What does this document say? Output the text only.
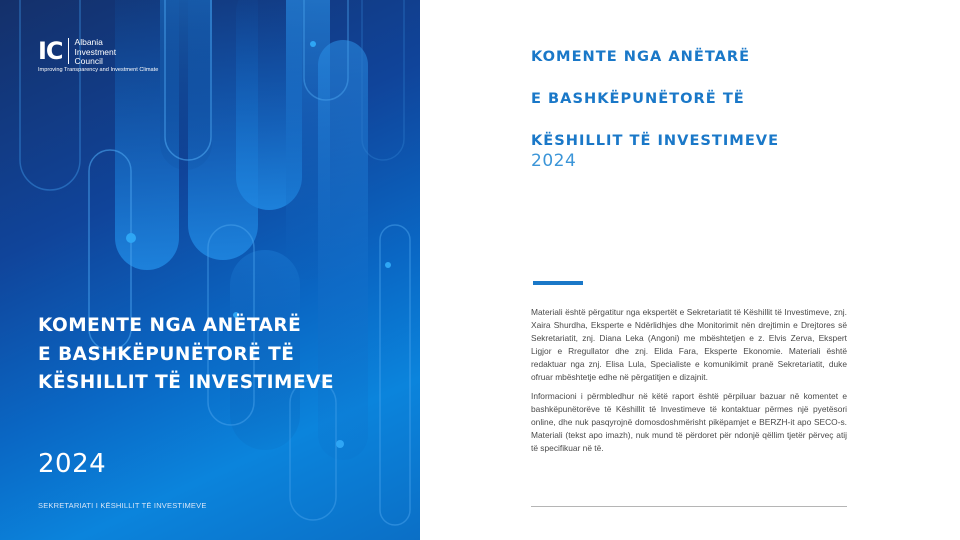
IC Albania
Investment
Council
Improving Transparency and Investment Climate
KOMENTE NGA ANËTARË
E BASHKËPUNËTORË TË
KËSHILLIT TË INVESTIMEVE
2024
SEKRETARIATI I KËSHILLIT TË INVESTIMEVE
KOMENTE NGA ANËTARË
E BASHKËPUNËTORË TË
KËSHILLIT TË INVESTIMEVE
2024

Materiali është përgatitur nga ekspertët e Sekretariatit të Këshillit të Investimeve, znj. Xaira Shurdha, Eksperte e Ndërlidhjes dhe Monitorimit nën drejtimin e Drejtores së Sekretariatit, znj. Diana Leka (Angoni) me mbështetjen e z. Elvis Zerva, Ekspert Ligjor e Rregullator dhe znj. Elida Fara, Eksperte Ekonomie. Materiali është redaktuar nga znj. Elisa Lula, Specialiste e komunikimit pranë Sekretariatit, duke ofruar mbështetje edhe në përgatitjen e dizajnit.

Informacioni i përmbledhur në këtë raport është përpiluar bazuar në komentet e bashkëpunëtorëve të Këshillit të Investimeve të kontaktuar përmes një pyetësori online, dhe nuk pasqyrojnë domosdoshmërisht pikëpamjet e BERZH-it apo SECO-s. Materiali (tekst apo imazh), nuk mund të përdoret për ndonjë qëllim tjetër përveç atij të specifikuar në të.
